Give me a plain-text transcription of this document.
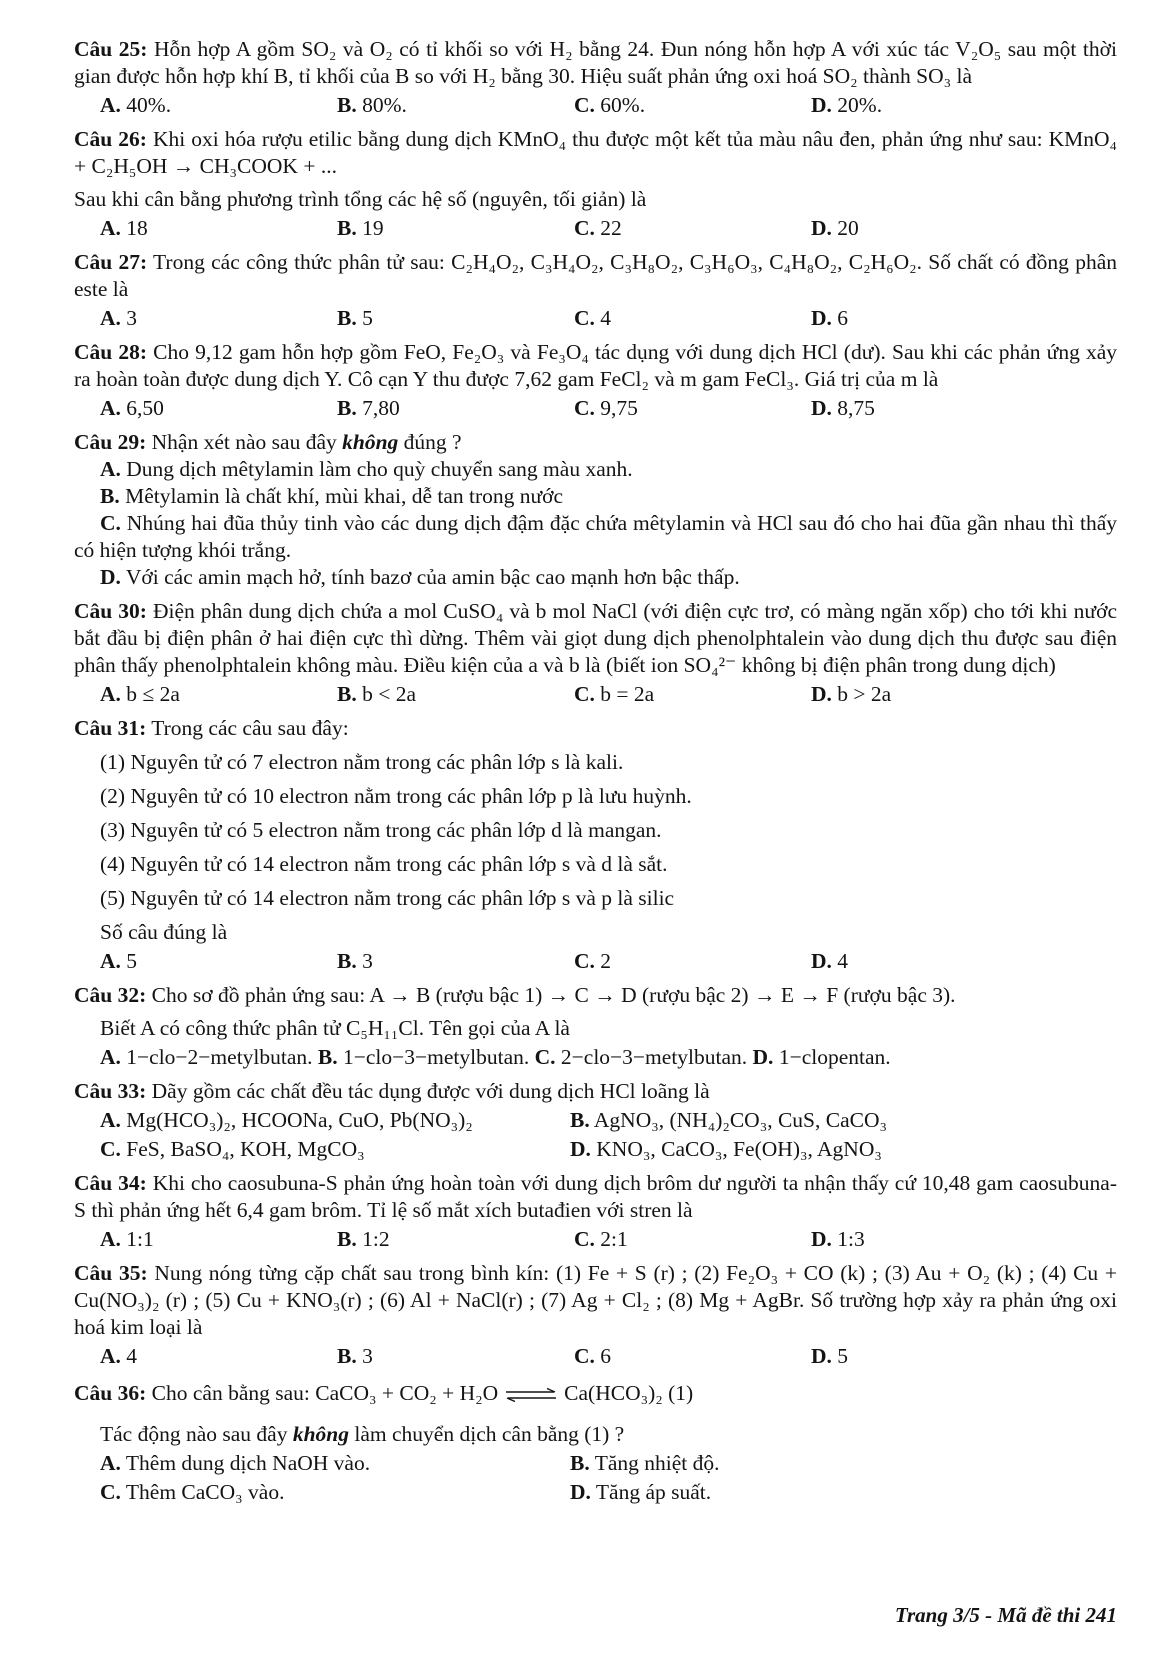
Câu 25: Hỗn hợp A gồm SO₂ và O₂ có tỉ khối so với H₂ bằng 24. Đun nóng hỗn hợp A với xúc tác V₂O₅ sau một thời gian được hỗn hợp khí B, tỉ khối của B so với H₂ bằng 30. Hiệu suất phản ứng oxi hoá SO₂ thành SO₃ là
A. 40%.	B. 80%.	C. 60%.	D. 20%.
Câu 26: Khi oxi hóa rượu etilic bằng dung dịch KMnO₄ thu được một kết tủa màu nâu đen, phản ứng như sau: KMnO₄ + C₂H₅OH → CH₃COOK + ...
Sau khi cân bằng phương trình tổng các hệ số (nguyên, tối giản) là
A. 18	B. 19	C. 22	D. 20
Câu 27: Trong các công thức phân tử sau: C₂H₄O₂, C₃H₄O₂, C₃H₈O₂, C₃H₆O₃, C₄H₈O₂, C₂H₆O₂. Số chất có đồng phân este là
A. 3	B. 5	C. 4	D. 6
Câu 28: Cho 9,12 gam hỗn hợp gồm FeO, Fe₂O₃ và Fe₃O₄ tác dụng với dung dịch HCl (dư). Sau khi các phản ứng xảy ra hoàn toàn được dung dịch Y. Cô cạn Y thu được 7,62 gam FeCl₂ và m gam FeCl₃. Giá trị của m là
A. 6,50	B. 7,80	C. 9,75	D. 8,75
Câu 29: Nhận xét nào sau đây không đúng ?
A. Dung dịch mêtylamin làm cho quỳ chuyển sang màu xanh.
B. Mêtylamin là chất khí, mùi khai, dễ tan trong nước
C. Nhúng hai đũa thủy tinh vào các dung dịch đậm đặc chứa mêtylamin và HCl sau đó cho hai đũa gần nhau thì thấy có hiện tượng khói trắng.
D. Với các amin mạch hở, tính bazơ của amin bậc cao mạnh hơn bậc thấp.
Câu 30: Điện phân dung dịch chứa a mol CuSO₄ và b mol NaCl (với điện cực trơ, có màng ngăn xốp) cho tới khi nước bắt đầu bị điện phân ở hai điện cực thì dừng. Thêm vài giọt dung dịch phenolphtalein vào dung dịch thu được sau điện phân thấy phenolphtalein không màu. Điều kiện của a và b là (biết ion SO₄²⁻ không bị điện phân trong dung dịch)
A. b ≤ 2a	B. b < 2a	C. b = 2a	D. b > 2a
Câu 31: Trong các câu sau đây:
(1) Nguyên tử có 7 electron nằm trong các phân lớp s là kali.
(2) Nguyên tử có 10 electron nằm trong các phân lớp p là lưu huỳnh.
(3) Nguyên tử có 5 electron nằm trong các phân lớp d là mangan.
(4) Nguyên tử có 14 electron nằm trong các phân lớp s và d là sắt.
(5) Nguyên tử có 14 electron nằm trong các phân lớp s và p là silic
Số câu đúng là
A. 5	B. 3	C. 2	D. 4
Câu 32: Cho sơ đồ phản ứng sau: A → B (rượu bậc 1) → C → D (rượu bậc 2) → E → F (rượu bậc 3).
Biết A có công thức phân tử C₅H₁₁Cl. Tên gọi của A là
A. 1−clo−2−metylbutan. B. 1−clo−3−metylbutan. C. 2−clo−3−metylbutan. D. 1−clopentan.
Câu 33: Dãy gồm các chất đều tác dụng được với dung dịch HCl loãng là
A. Mg(HCO₃)₂, HCOONa, CuO, Pb(NO₃)₂	B. AgNO₃, (NH₄)₂CO₃, CuS, CaCO₃
C. FeS, BaSO₄, KOH, MgCO₃	D. KNO₃, CaCO₃, Fe(OH)₃, AgNO₃
Câu 34: Khi cho caosubuna-S phản ứng hoàn toàn với dung dịch brôm dư người ta nhận thấy cứ 10,48 gam caosubuna-S thì phản ứng hết 6,4 gam brôm. Tỉ lệ số mắt xích butađien với stren là
A. 1:1	B. 1:2	C. 2:1	D. 1:3
Câu 35: Nung nóng từng cặp chất sau trong bình kín: (1) Fe + S (r) ; (2) Fe₂O₃ + CO (k) ; (3) Au + O₂ (k) ; (4) Cu + Cu(NO₃)₂ (r) ; (5) Cu + KNO₃(r) ; (6) Al + NaCl(r) ; (7) Ag + Cl₂ ; (8) Mg + AgBr. Số trường hợp xảy ra phản ứng oxi hoá kim loại là
A. 4	B. 3	C. 6	D. 5
Câu 36: Cho cân bằng sau: CaCO₃ + CO₂ + H₂O ⇌ Ca(HCO₃)₂ (1)
Tác động nào sau đây không làm chuyển dịch cân bằng (1) ?
A. Thêm dung dịch NaOH vào.	B. Tăng nhiệt độ.
C. Thêm CaCO₃ vào.	D. Tăng áp suất.
Trang 3/5 - Mã đề thi 241
